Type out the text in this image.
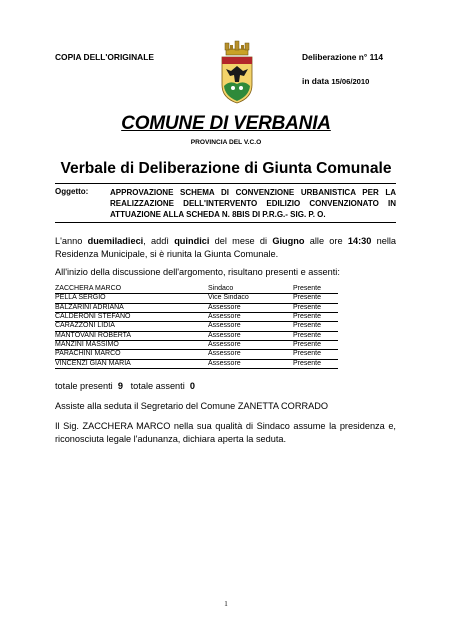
COPIA DELL'ORIGINALE	Deliberazione n° 114
in data 15/06/2010
COMUNE DI VERBANIA
PROVINCIA DEL V.C.O
Verbale di Deliberazione di Giunta Comunale
Oggetto:	APPROVAZIONE SCHEMA DI CONVENZIONE URBANISTICA PER LA REALIZZAZIONE DELL'INTERVENTO EDILIZIO CONVENZIONATO IN ATTUAZIONE ALLA SCHEDA N. 8BIS DI P.R.G.- SIG. P. O.
L'anno duemiladieci, addì quindici del mese di Giugno alle ore 14:30 nella Residenza Municipale, si è riunita la Giunta Comunale.
All'inizio della discussione dell'argomento, risultano presenti e assenti:
ZACCHERA MARCO	Sindaco	Presente
PELLA SERGIO	Vice Sindaco	Presente
BALZARINI ADRIANA	Assessore	Presente
CALDERONI STEFANO	Assessore	Presente
CARAZZONI LIDIA	Assessore	Presente
MANTOVANI ROBERTA	Assessore	Presente
MANZINI MASSIMO	Assessore	Presente
PARACHINI MARCO	Assessore	Presente
VINCENZI GIAN MARIA	Assessore	Presente
totale presenti 9 totale assenti 0
Assiste alla seduta il Segretario del Comune ZANETTA CORRADO
Il Sig. ZACCHERA MARCO nella sua qualità di Sindaco assume la presidenza e, riconosciuta legale l'adunanza, dichiara aperta la seduta.
1
